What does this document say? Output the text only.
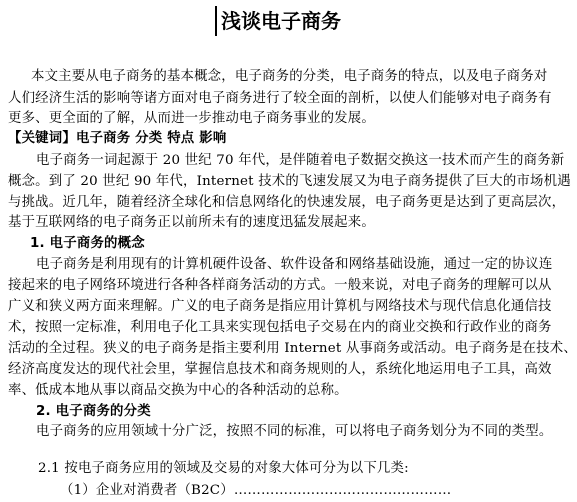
浅谈电子商务
本文主要从电子商务的基本概念，电子商务的分类，电子商务的特点，以及电子商务对
人们经济生活的影响等诸方面对电子商务进行了较全面的剖析，以使人们能够对电子商务有
更多、更全面的了解，从而进一步推动电子商务事业的发展。
【关键词】电子商务 分类 特点 影响
电子商务一词起源于 20 世纪 70 年代，是伴随着电子数据交换这一技术而产生的商务新
概念。到了 20 世纪 90 年代，Internet 技术的飞速发展又为电子商务提供了巨大的市场机遇
与挑战。近几年，随着经济全球化和信息网络化的快速发展，电子商务更是达到了更高层次，
基于互联网络的电子商务正以前所未有的速度迅猛发展起来。
1. 电子商务的概念
电子商务是利用现有的计算机硬件设备、软件设备和网络基础设施，通过一定的协议连
接起来的电子网络环境进行各种各样商务活动的方式。一般来说，对电子商务的理解可以从
广义和狭义两方面来理解。广义的电子商务是指应用计算机与网络技术与现代信息化通信技
术，按照一定标准，利用电子化工具来实现包括电子交易在内的商业交换和行政作业的商务
活动的全过程。狭义的电子商务是指主要利用 Internet 从事商务或活动。电子商务是在技术、
经济高度发达的现代社会里，掌握信息技术和商务规则的人，系统化地运用电子工具，高效
率、低成本地从事以商品交换为中心的各种活动的总称。
2. 电子商务的分类
电子商务的应用领域十分广泛，按照不同的标准，可以将电子商务划分为不同的类型。
2.1 按电子商务应用的领域及交易的对象大体可分为以下几类:
（1）企业对消费者（B2C）…………………………………………
